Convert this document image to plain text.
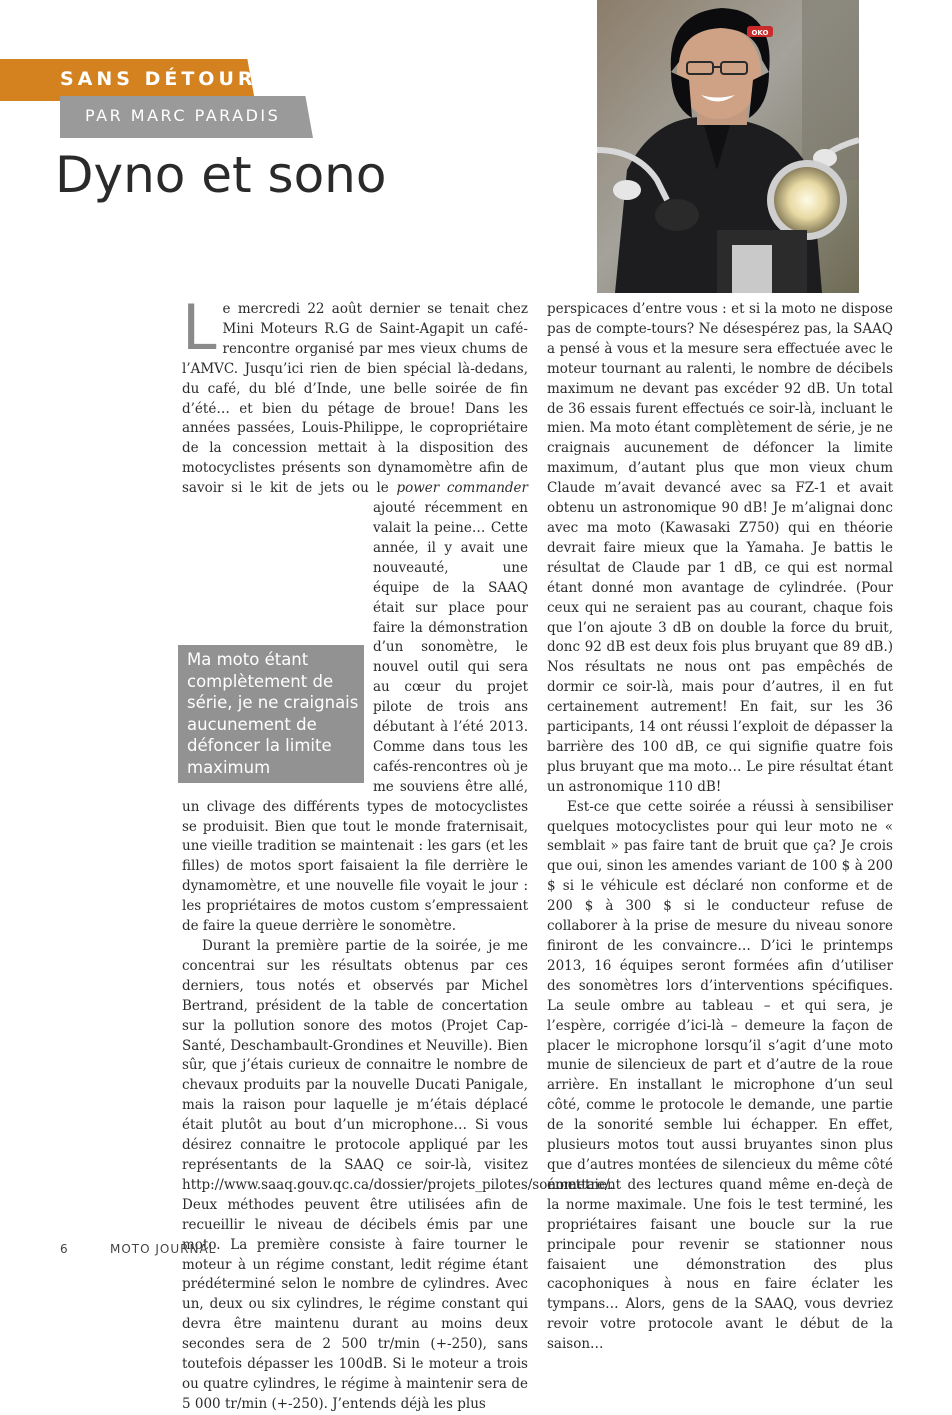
SANS DÉTOUR
PAR MARC PARADIS
Dyno et sono
OKO
Ma moto étant complètement de série, je ne craignais aucunement de défoncer la limite maximum

Le mercredi 22 août dernier se tenait chez Mini Moteurs R.G de Saint-Agapit un café-rencontre organisé par mes vieux chums de l’AMVC. Jusqu’ici rien de bien spécial là-dedans, du café, du blé d’Inde, une belle soirée de fin d’été… et bien du pétage de broue! Dans les années passées, Louis-Philippe, le copropriétaire de la concession mettait à la disposition des motocyclistes présents son dynamomètre afin de savoir si le kit de jets ou le power commander
ajouté récemment en valait la peine… Cette année, il y avait une nouveauté, une équipe de la SAAQ était sur place pour faire la démonstration d’un sonomètre, le nouvel outil qui sera au cœur du projet pilote de trois ans débutant à l’été 2013. Comme dans tous les cafés-rencontres où je me souviens être allé, un clivage des différents types de motocyclistes se produisit. Bien que tout le monde fraternisait, une vieille tradition se maintenait : les gars (et les filles) de motos sport faisaient la file derrière le dynamomètre, et une nouvelle file voyait le jour : les propriétaires de motos custom s’empressaient de faire la queue derrière le sonomètre.

Durant la première partie de la soirée, je me concentrai sur les résultats obtenus par ces derniers, tous notés et observés par Michel Bertrand, président de la table de concertation sur la pollution sonore des motos (Projet Cap-Santé, Deschambault-Grondines et Neuville). Bien sûr, que j’étais curieux de connaitre le nombre de chevaux produits par la nouvelle Ducati Panigale, mais la raison pour laquelle je m’étais déplacé était plutôt au bout d’un microphone… Si vous désirez connaitre le protocole appliqué par les représentants de la SAAQ ce soir-là, visitez http://www.saaq.gouv.qc.ca/dossier/projets_pilotes/sonometre/. Deux méthodes peuvent être utilisées afin de recueillir le niveau de décibels émis par une moto. La première consiste à faire tourner le moteur à un régime constant, ledit régime étant prédéterminé selon le nombre de cylindres. Avec un, deux ou six cylindres, le régime constant qui devra être maintenu durant au moins deux secondes sera de 2 500 tr/min (+-250), sans toutefois dépasser les 100dB. Si le moteur a trois ou quatre cylindres, le régime à maintenir sera de 5 000 tr/min (+-250). J’entends déjà les plus

perspicaces d’entre vous : et si la moto ne dispose pas de compte-tours? Ne désespérez pas, la SAAQ a pensé à vous et la mesure sera effectuée avec le moteur tournant au ralenti, le nombre de décibels maximum ne devant pas excéder 92 dB. Un total de 36 essais furent effectués ce soir-là, incluant le mien. Ma moto étant complètement de série, je ne craignais aucunement de défoncer la limite maximum, d’autant plus que mon vieux chum Claude m’avait devancé avec sa FZ-1 et avait obtenu un astronomique 90 dB! Je m’alignai donc avec ma moto (Kawasaki Z750) qui en théorie devrait faire mieux que la Yamaha. Je battis le résultat de Claude par 1 dB, ce qui est normal étant donné mon avantage de cylindrée. (Pour ceux qui ne seraient pas au courant, chaque fois que l’on ajoute 3 dB on double la force du bruit, donc 92 dB est deux fois plus bruyant que 89 dB.) Nos résultats ne nous ont pas empêchés de dormir ce soir-là, mais pour d’autres, il en fut certainement autrement! En fait, sur les 36 participants, 14 ont réussi l’exploit de dépasser la barrière des 100 dB, ce qui signifie quatre fois plus bruyant que ma moto… Le pire résultat étant un astronomique 110 dB!

Est-ce que cette soirée a réussi à sensibiliser quelques motocyclistes pour qui leur moto ne « semblait » pas faire tant de bruit que ça? Je crois que oui, sinon les amendes variant de 100 $ à 200 $ si le véhicule est déclaré non conforme et de 200 $ à 300 $ si le conducteur refuse de collaborer à la prise de mesure du niveau sonore finiront de les convaincre… D’ici le printemps 2013, 16 équipes seront formées afin d’utiliser des sonomètres lors d’interventions spécifiques. La seule ombre au tableau – et qui sera, je l’espère, corrigée d’ici-là – demeure la façon de placer le microphone lorsqu’il s’agit d’une moto munie de silencieux de part et d’autre de la roue arrière. En installant le microphone d’un seul côté, comme le protocole le demande, une partie de la sonorité semble lui échapper. En effet, plusieurs motos tout aussi bruyantes sinon plus que d’autres montées de silencieux du même côté émettaient des lectures quand même en-deçà de la norme maximale. Une fois le test terminé, les propriétaires faisant une boucle sur la rue principale pour revenir se stationner nous faisaient une démonstration des plus cacophoniques à nous en faire éclater les tympans… Alors, gens de la SAAQ, vous devriez revoir votre protocole avant le début de la saison…

6	MOTO JOURNAL
